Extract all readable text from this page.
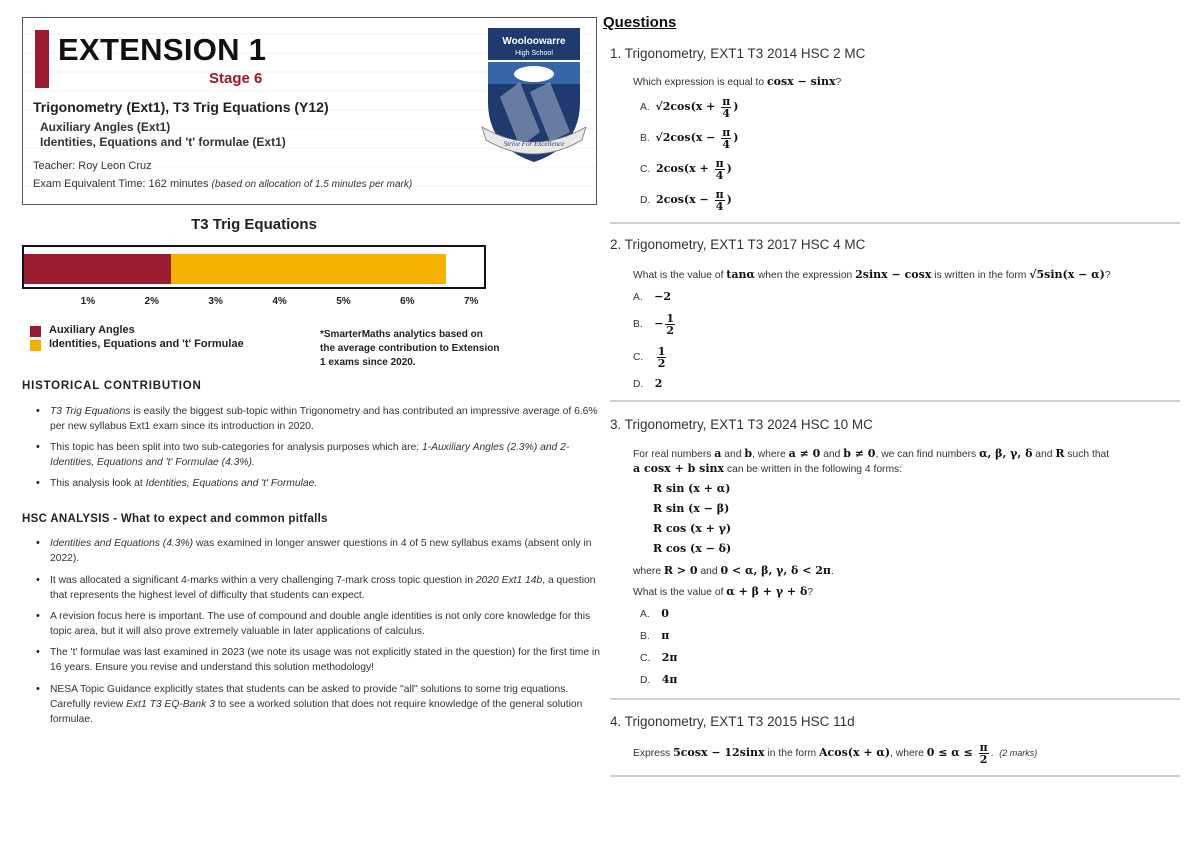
EXTENSION 1
Stage 6
Trigonometry (Ext1), T3 Trig Equations (Y12)
Auxiliary Angles (Ext1)
Identities, Equations and 't' formulae (Ext1)
Teacher: Roy Leon Cruz
Exam Equivalent Time: 162 minutes (based on allocation of 1.5 minutes per mark)
Wooloowarre
High School
Strive For Excellence
T3 Trig Equations
1%	2%	3%	4%	5%	6%	7%
Auxiliary Angles
Identities, Equations and 't' Formulae
*SmarterMaths analytics based on the average contribution to Extension 1 exams since 2020.
HISTORICAL CONTRIBUTION
• T3 Trig Equations is easily the biggest sub-topic within Trigonometry and has contributed an impressive average of 6.6% per new syllabus Ext1 exam since its introduction in 2020.
• This topic has been split into two sub-categories for analysis purposes which are: 1-Auxiliary Angles (2.3%) and 2-Identities, Equations and 't' Formulae (4.3%).
• This analysis look at Identities, Equations and 't' Formulae.
HSC ANALYSIS - What to expect and common pitfalls
• Identities and Equations (4.3%) was examined in longer answer questions in 4 of 5 new syllabus exams (absent only in 2022).
• It was allocated a significant 4-marks within a very challenging 7-mark cross topic question in 2020 Ext1 14b, a question that represents the highest level of difficulty that students can expect.
• A revision focus here is important. The use of compound and double angle identities is not only core knowledge for this topic area, but it will also prove extremely valuable in later applications of calculus.
• The 't' formulae was last examined in 2023 (we note its usage was not explicitly stated in the question) for the first time in 16 years. Ensure you revise and understand this solution methodology!
• NESA Topic Guidance explicitly states that students can be asked to provide "all" solutions to some trig equations. Carefully review Ext1 T3 EQ-Bank 3 to see a worked solution that does not require knowledge of the general solution formulae.
Questions
1. Trigonometry, EXT1 T3 2014 HSC 2 MC
Which expression is equal to cosx − sinx?
A. $√2\cos(x + \frac{\pi}{4}$ )
B. $√2\cos(x - \frac{\pi}{4}$ )
C. $2\cos(x + \frac{\pi}{4}$ )
D. $2\cos(x - \frac{\pi}{4}$ )
2. Trigonometry, EXT1 T3 2017 HSC 4 MC
What is the value of tanα when the expression 2sinx − cosx is written in the form √5sin(x − α)?
A. −2
B. − $\frac{1}{2}$
C. $\frac{1}{2}$
D. 2
3. Trigonometry, EXT1 T3 2024 HSC 10 MC
For real numbers a and b, where a ≠ 0 and b ≠ 0, we can find numbers α, β, γ, δ and R such that
a cosx + b sinx can be written in the following 4 forms:
R sin (x + α)
R sin (x − β)
R cos (x + γ)
R cos (x − δ)
where R > 0 and 0 < α, β, γ, δ < 2π.
What is the value of α + β + γ + δ?
A. 0
B. π
C. 2π
D. 4π
4. Trigonometry, EXT1 T3 2015 HSC 11d
Express 5cosx − 12sinx in the form Acos(x + α), where $0 \le \alpha \le \frac{\pi}{2}$ . (2 marks)
